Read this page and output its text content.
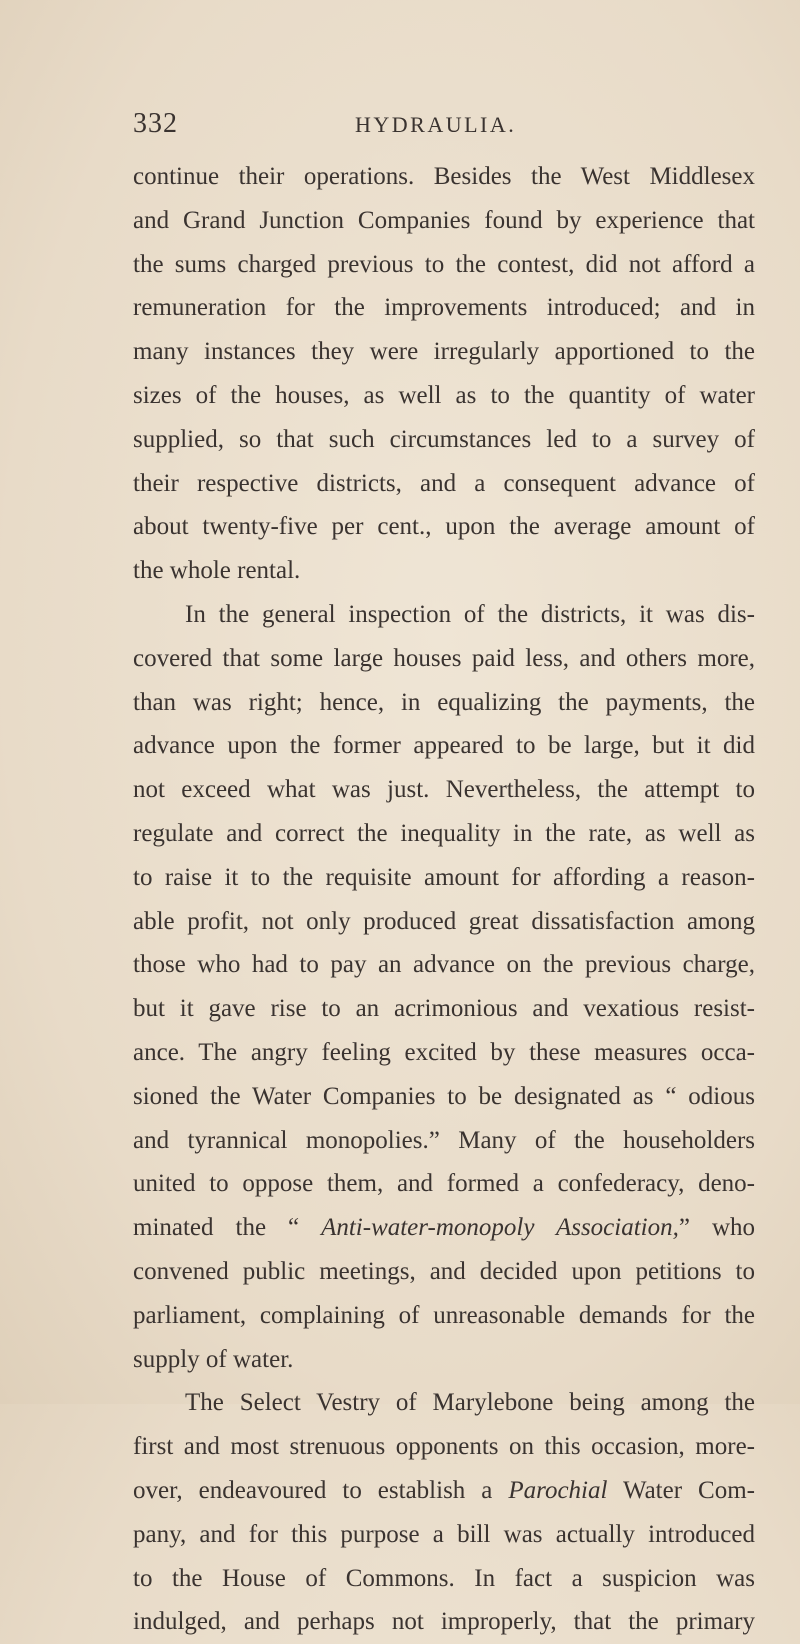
332	HYDRAULIA.
continue their operations. Besides the West Middlesex
and Grand Junction Companies found by experience that
the sums charged previous to the contest, did not afford a
remuneration for the improvements introduced; and in
many instances they were irregularly apportioned to the
sizes of the houses, as well as to the quantity of water
supplied, so that such circumstances led to a survey of
their respective districts, and a consequent advance of
about twenty-five per cent., upon the average amount of
the whole rental.
In the general inspection of the districts, it was dis-
covered that some large houses paid less, and others more,
than was right; hence, in equalizing the payments, the
advance upon the former appeared to be large, but it did
not exceed what was just. Nevertheless, the attempt to
regulate and correct the inequality in the rate, as well as
to raise it to the requisite amount for affording a reason-
able profit, not only produced great dissatisfaction among
those who had to pay an advance on the previous charge,
but it gave rise to an acrimonious and vexatious resist-
ance. The angry feeling excited by these measures occa-
sioned the Water Companies to be designated as “ odious
and tyrannical monopolies.” Many of the householders
united to oppose them, and formed a confederacy, deno-
minated the “ Anti-water-monopoly Association,” who
convened public meetings, and decided upon petitions to
parliament, complaining of unreasonable demands for the
supply of water.
The Select Vestry of Marylebone being among the
first and most strenuous opponents on this occasion, more-
over, endeavoured to establish a Parochial Water Com-
pany, and for this purpose a bill was actually introduced
to the House of Commons. In fact a suspicion was
indulged, and perhaps not improperly, that the primary
